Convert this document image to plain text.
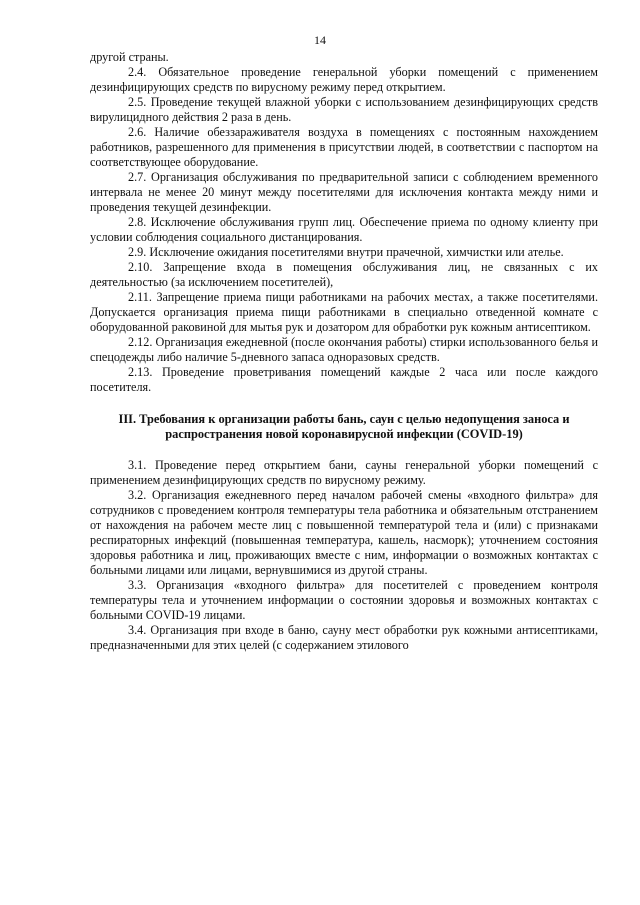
14

другой страны.

2.4. Обязательное проведение генеральной уборки помещений с применением дезинфицирующих средств по вирусному режиму перед открытием.

2.5. Проведение текущей влажной уборки с использованием дезинфицирующих средств вирулицидного действия 2 раза в день.

2.6. Наличие обеззараживателя воздуха в помещениях с постоянным нахождением работников, разрешенного для применения в присутствии людей, в соответствии с паспортом на соответствующее оборудование.

2.7. Организация обслуживания по предварительной записи с соблюдением временного интервала не менее 20 минут между посетителями для исключения контакта между ними и проведения текущей дезинфекции.

2.8. Исключение обслуживания групп лиц. Обеспечение приема по одному клиенту при условии соблюдения социального дистанцирования.

2.9. Исключение ожидания посетителями внутри прачечной, химчистки или ателье.

2.10. Запрещение входа в помещения обслуживания лиц, не связанных с их деятельностью (за исключением посетителей),

2.11. Запрещение приема пищи работниками на рабочих местах, а также посетителями. Допускается организация приема пищи работниками в специально отведенной комнате с оборудованной раковиной для мытья рук и дозатором для обработки рук кожным антисептиком.

2.12. Организация ежедневной (после окончания работы) стирки использованного белья и спецодежды либо наличие 5-дневного запаса одноразовых средств.

2.13. Проведение проветривания помещений каждые 2 часа или после каждого посетителя.

III. Требования к организации работы бань, саун с целью недопущения заноса и распространения новой коронавирусной инфекции (COVID-19)

3.1. Проведение перед открытием бани, сауны генеральной уборки помещений с применением дезинфицирующих средств по вирусному режиму.

3.2. Организация ежедневного перед началом рабочей смены «входного фильтра» для сотрудников с проведением контроля температуры тела работника и обязательным отстранением от нахождения на рабочем месте лиц с повышенной температурой тела и (или) с признаками респираторных инфекций (повышенная температура, кашель, насморк); уточнением состояния здоровья работника и лиц, проживающих вместе с ним, информации о возможных контактах с больными лицами или лицами, вернувшимися из другой страны.

3.3. Организация «входного фильтра» для посетителей с проведением контроля температуры тела и уточнением информации о состоянии здоровья и возможных контактах с больными COVID-19 лицами.

3.4. Организация при входе в баню, сауну мест обработки рук кожными антисептиками, предназначенными для этих целей (с содержанием этилового
